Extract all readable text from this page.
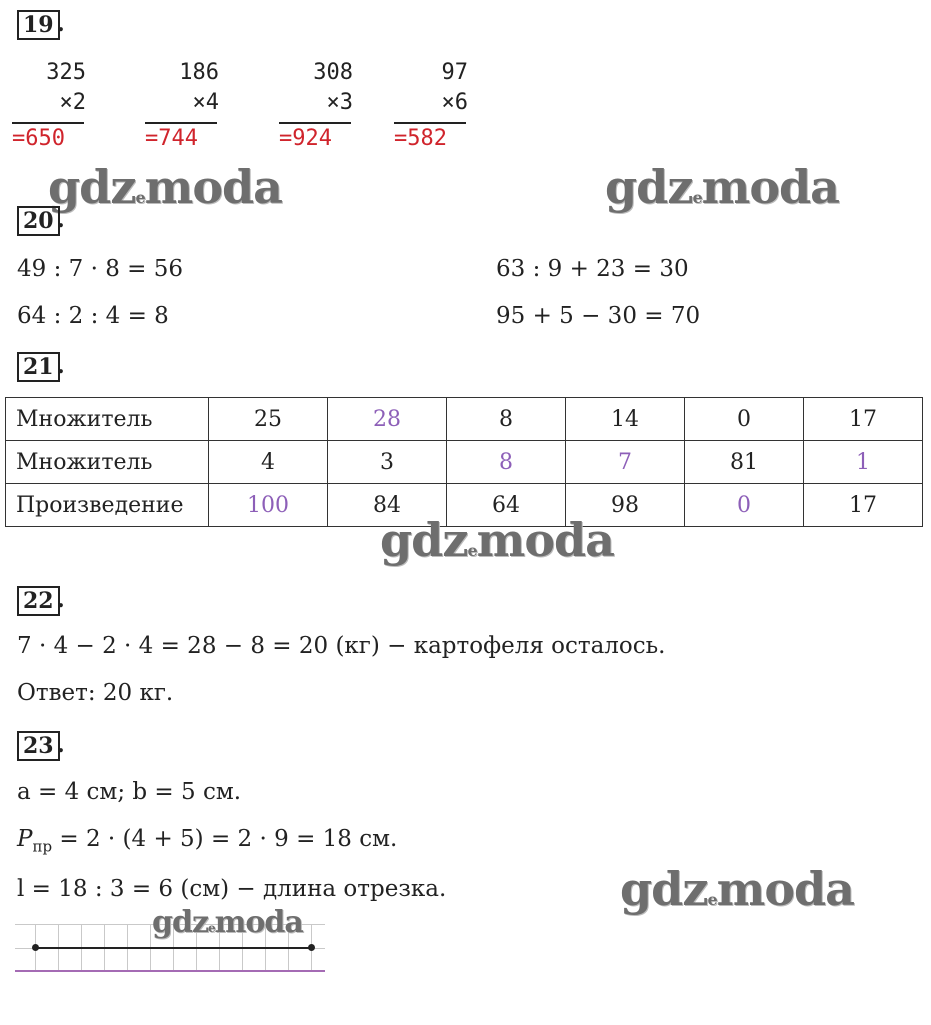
19 .
325
×2
=650
186
×4
=744
308
×3
=924
97
×6
=582
gdzemoda	gdzemoda
20 .
49 : 7 · 8 = 56
64 : 2 : 4 = 8
63 : 9 + 23 = 30
95 + 5 − 30 = 70
21 .
Множитель	25	28	8	14	0	17
Множитель	4	3	8	7	81	1
Произведение	100	84	64	98	0	17
gdzemoda
22 .
7 · 4 − 2 · 4 = 28 − 8 = 20 (кг) − картофеля осталось.
Ответ: 20 кг.
23 .
a = 4 см; b = 5 см.
$P_{пр} = 2 \cdot (4 + 5) = 2 \cdot 9 = 18$ см.
l = 18 : 3 = 6 (см) − длина отрезка.	gdzemoda
gdzemoda
